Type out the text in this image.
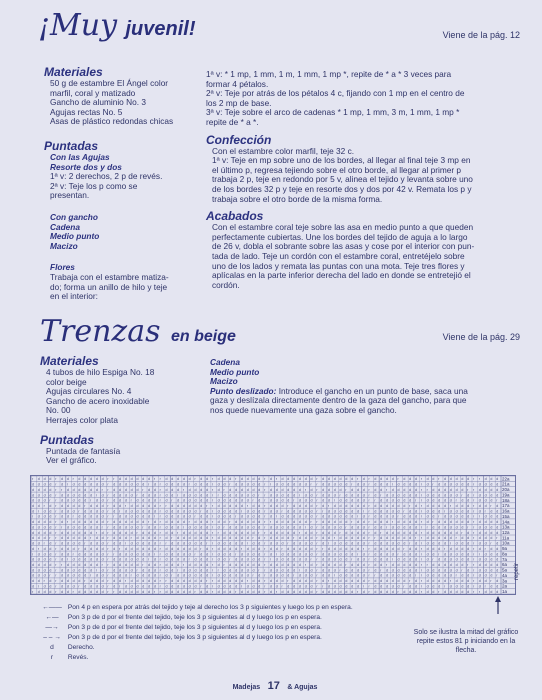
¡Muy juvenil!	Viene de la pág. 12

Materiales

50 g de estambre El Ángel color

marfil, coral y matizado

Gancho de aluminio No. 3

Agujas rectas No. 5

Asas de plástico redondas chicas

Puntadas

Con las Agujas

Resorte dos y dos

1ª v: 2 derechos, 2 p de revés.

2ª v: Teje los p como se

presentan.

Con gancho

Cadena

Medio punto

Macizo

Flores

Trabaja con el estambre matiza-

do; forma un anillo de hilo y teje

en el interior:

1ª v: * 1 mp, 1 mm, 1 m, 1 mm, 1 mp *, repite de * a * 3 veces para

formar 4 pétalos.

2ª v: Teje por atrás de los pétalos 4 c, fijando con 1 mp en el centro de

los 2 mp de base.

3ª v: Teje sobre el arco de cadenas * 1 mp, 1 mm, 3 m, 1 mm, 1 mp *

repite de * a *.

Confección

Con el estambre color marfil, teje 32 c.

1ª v: Teje en mp sobre uno de los bordes, al llegar al final teje 3 mp en

el último p, regresa tejiendo sobre el otro borde, al llegar al primer p

trabaja 2 p, teje en redondo por 5 v, alinea el tejido y levanta sobre uno

de los bordes 32 p y teje en resorte dos y dos por 42 v. Remata los p y

trabaja sobre el otro borde de la misma forma.

Acabados

Con el estambre coral teje sobre las asa en medio punto a que queden

perfectamente cubiertas. Une los bordes del tejido de aguja a lo largo

de 26 v, dobla el sobrante sobre las asas y cose por el interior con pun-

tada de lado. Teje un cordón con el estambre coral, entretéjelo sobre

uno de los lados y remata las puntas con una mota. Teje tres flores y

aplícalas en la parte inferior derecha del lado en donde se entretejió el

cordón.

Trenzas en beige	Viene de la pág. 29

Materiales

4 tubos de hilo Espiga No. 18

color beige

Agujas circulares No. 4

Gancho de acero inoxidable

No. 00

Herrajes color plata

Puntadas

Puntada de fantasía

Ver el gráfico.

Cadena

Medio punto

Macizo

Punto deslizado: Introduce el gancho en un punto de base, saca una

gaza y deslízala directamente dentro de la gaza del gancho, para que

nos quede nuevamente una gaza sobre el gancho.

22a
r d d d r d d r d d d d d r r d d d d d d r r d d d d d r d d r d d d r d d d d r d r d d d d d d r d d d d d d r d r d d d d r d d d r d d r d d d d d r r d d d
21a
d d d d r d r d d d d d d r d d d d d d r d r d d d d r d d d r d d r d d d d d r r d d d d d d r r d d d d d r d d r d d d r d d d d r d r d d d d d d r d d d d
20a
d d d d r r d d d d d d r r d d d d d r d d r d d d r d d d d r d r d d d d d d r d d d d d d r d r d d d d r d d d r d d r d d d d d r r d d d d d d r r d d d d
19a
d d d d r d d d d d d r d r d d d d r d d d r d d r d d d d d r r d d d d d d r r d d d d d r d d r d d d r d d d d r d r d d d d d d r d d d d d d r d r d d d d
18a
d d d r r d d d d d r d d r d d d r d d d d r d r d d d d d d r d d d d d d r d r d d d d r d d d r d d r d d d d d r r d d d d d d r r d d d d d r d d r d d d r
17a
d d r d r d d d d r d d d r d d r d d d d d r r d d d d d d r r d d d d d r d d r d d d r d d d d r d r d d d d d d r d d d d d d r d r d d d d r d d d r d d r d
16a
d r d d r d d d r d d d d r d r d d d d d d r d d d d d d r d r d d d d r d d d r d d r d d d d d r r d d d d d d r r d d d d d r d d r d d d r d d d d r d r d d
15a
r d d d r d d r d d d d d r r d d d d d d r r d d d d d r d d r d d d r d d d d r d r d d d d d d r d d d d d d r d r d d d d r d d d r d d r d d d d d r r d d d
14a
d d d d r d r d d d d d d r d d d d d d r d r d d d d r d d d r d d r d d d d d r r d d d d d d r r d d d d d r d d r d d d r d d d d r d r d d d d d d r d d d d
13a
d d d d r r d d d d d d r r d d d d d r d d r d d d r d d d d r d r d d d d d d r d d d d d d r d r d d d d r d d d r d d r d d d d d r r d d d d d d r r d d d d
12a
d d d d r d d d d d d r d r d d d d r d d d r d d r d d d d d r r d d d d d d r r d d d d d r d d r d d d r d d d d r d r d d d d d d r d d d d d d r d r d d d d
11a
d d d r r d d d d d r d d r d d d r d d d d r d r d d d d d d r d d d d d d r d r d d d d r d d d r d d r d d d d d r r d d d d d d r r d d d d d r d d r d d d r
10a
d d r d r d d d d r d d d r d d r d d d d d r r d d d d d d r r d d d d d r d d r d d d r d d d d r d r d d d d d d r d d d d d d r d r d d d d r d d d r d d r d
9a
d r d d r d d d r d d d d r d r d d d d d d r d d d d d d r d r d d d d r d d d r d d r d d d d d r r d d d d d d r r d d d d d r d d r d d d r d d d d r d r d d
8a
r d d d r d d r d d d d d r r d d d d d d r r d d d d d r d d r d d d r d d d d r d r d d d d d d r d d d d d d r d r d d d d r d d d r d d r d d d d d r r d d d
7a
d d d d r d r d d d d d d r d d d d d d r d r d d d d r d d d r d d r d d d d d r r d d d d d d r r d d d d d r d d r d d d r d d d d r d r d d d d d d r d d d d
6a
d d d d r r d d d d d d r r d d d d d r d d r d d d r d d d d r d r d d d d d d r d d d d d d r d r d d d d r d d d r d d r d d d d d r r d d d d d d r r d d d d
5a
d d d d r d d d d d d r d r d d d d r d d d r d d r d d d d d r r d d d d d d r r d d d d d r d d r d d d r d d d d r d r d d d d d d r d d d d d d r d r d d d d
4a
d d d r r d d d d d r d d r d d d r d d d d r d r d d d d d d r d d d d d d r d r d d d d r d d d r d d r d d d d d r r d d d d d d r r d d d d d r d d r d d d r
3a
d d r d r d d d d r d d d r d d r d d d d d r r d d d d d d r r d d d d d r d d r d d d r d d d d r d r d d d d d d r d d d d d d r d r d d d d r d d d r d d r d
2a
d r d d r d d d r d d d d r d r d d d d d d r d d d d d d r d r d d d d r d d d r d d r d d d d d r r d d d d d d r r d d d d d r d d r d d d r d d d d r d r d d
1a
r d d d r d d r d d d d d r r d d d d d d r r d d d d d r d d r d d d r d d d d r d r d d d d d d r d d d d d d r d r d d d d r d d d r d d r d d d d d r r d d d
repetir
←—— Pon 4 p en espera por atrás del tejido y teje al derecho los 3 p siguientes y luego los p en espera.
←— Pon 3 p de d por el frente del tejido, teje los 3 p siguientes al d y luego los p en espera.
—→ Pon 3 p de d por el frente del tejido, teje los 3 p siguientes al d y luego los p en espera.
– – → Pon 3 p de d por el frente del tejido, teje los 3 p siguientes al d y luego los p en espera.
d Derecho.
r Revés.
Solo se ilustra la mitad del gráfico repite estos 81 p iniciando en la flecha.
Madejas 17 & Agujas
